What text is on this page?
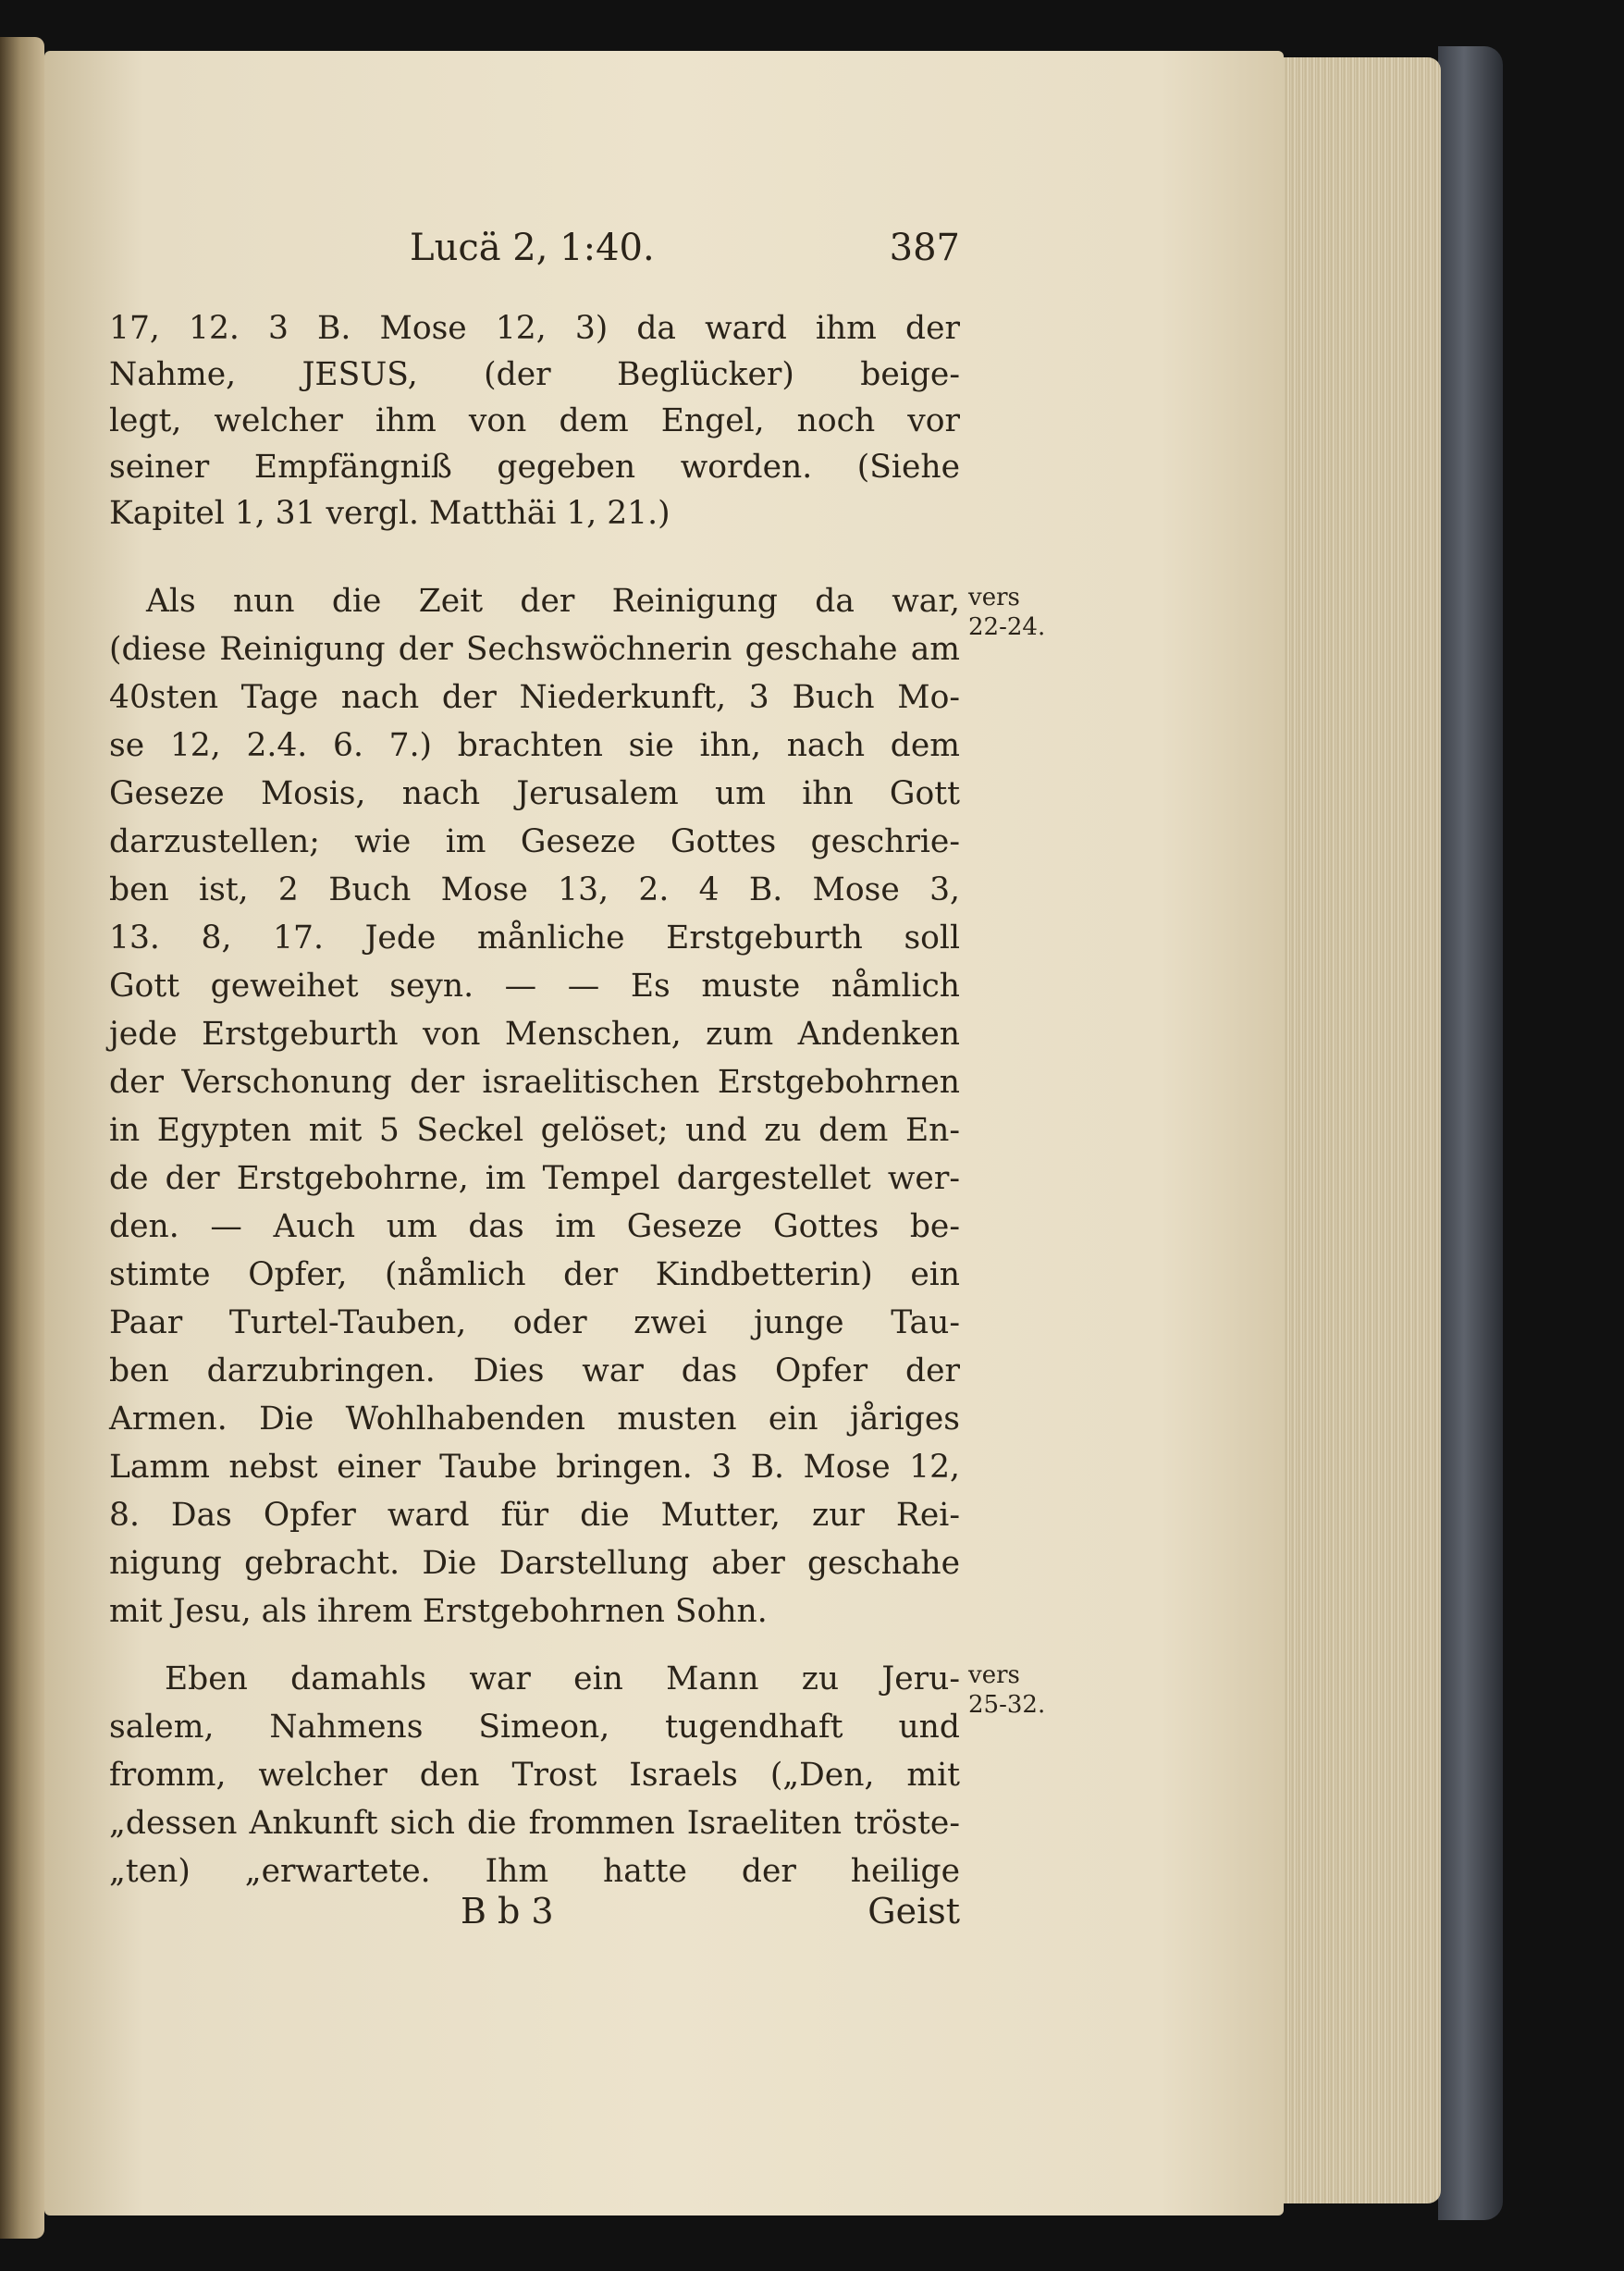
Lucä 2, 1:40.	387
17, 12. 3 B. Mose 12, 3) da ward ihm der
Nahme, JESUS, (der Beglücker) beige-
legt, welcher ihm von dem Engel, noch vor
seiner Empfängniß gegeben worden. (Siehe
Kapitel 1, 31 vergl. Matthäi 1, 21.)
Als nun die Zeit der Reinigung da war,
(diese Reinigung der Sechswöchnerin geschahe am
40sten Tage nach der Niederkunft, 3 Buch Mo-
se 12, 2.4. 6. 7.) brachten sie ihn, nach dem
Geseze Mosis, nach Jerusalem um ihn Gott
darzustellen; wie im Geseze Gottes geschrie-
ben ist, 2 Buch Mose 13, 2. 4 B. Mose 3,
13. 8, 17. Jede månliche Erstgeburth soll
Gott geweihet seyn. — — Es muste nåmlich
jede Erstgeburth von Menschen, zum Andenken
der Verschonung der israelitischen Erstgebohrnen
in Egypten mit 5 Seckel gelöset; und zu dem En-
de der Erstgebohrne, im Tempel dargestellet wer-
den. — Auch um das im Geseze Gottes be-
stimte Opfer, (nåmlich der Kindbetterin) ein
Paar Turtel-Tauben, oder zwei junge Tau-
ben darzubringen. Dies war das Opfer der
Armen. Die Wohlhabenden musten ein jåriges
Lamm nebst einer Taube bringen. 3 B. Mose 12,
8. Das Opfer ward für die Mutter, zur Rei-
nigung gebracht. Die Darstellung aber geschahe
mit Jesu, als ihrem Erstgebohrnen Sohn.
Eben damahls war ein Mann zu Jeru-
salem, Nahmens Simeon, tugendhaft und
fromm, welcher den Trost Israels („Den, mit
„dessen Ankunft sich die frommen Israeliten tröste-
„ten) „erwartete. Ihm hatte der heilige
vers
22-24.
vers
25-32.
B b 3	Geist
